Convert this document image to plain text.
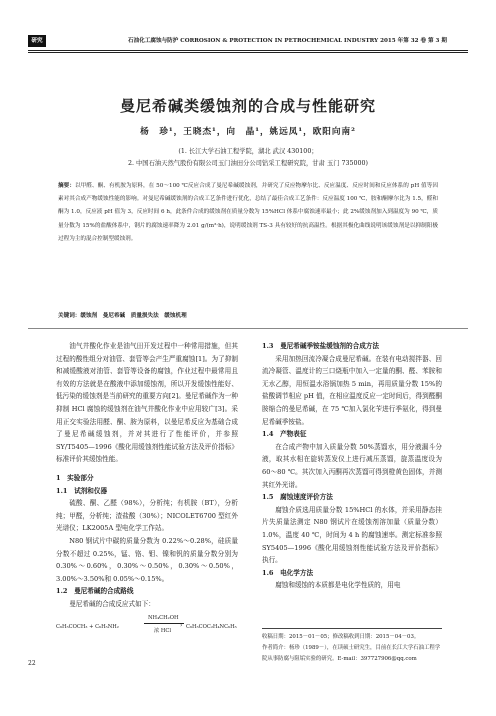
研究	石油化工腐蚀与防护 CORROSION & PROTECTION IN PETROCHEMICAL INDUSTRY 2015 年第 32 卷 第 3 期
曼尼希碱类缓蚀剂的合成与性能研究
杨　珍¹，王晓杰¹，向　晶¹，姚远凤¹，欧阳向南²
(1. 长江大学石油工程学院，湖北 武汉 430100；
2. 中国石油天然气股份有限公司玉门油田分公司钻采工程研究院，甘肃 玉门 735000)
摘要：以甲醛、酮、有机胺为原料，在 50～100 ℃反应合成了曼尼希碱缓蚀剂，并研究了反应物摩尔比、反应温度、反应时间和反应体系的 pH 值等因素对其合成产物缓蚀性能的影响。对曼尼希碱缓蚀剂的合成工艺条件进行优化，总结了最佳合成工艺条件：反应温度 100 ℃，胺和酮摩尔比为 1.5，醛和酮为 1.0，反应液 pH 值为 3，反应时间 6 h，此条件合成的缓蚀剂在质量分数为 15%HCl 体系中腐蚀速率最小；此 2%缓蚀剂加入到温度为 90 ℃，质量分数为 15%的盐酸体系中，钢片的腐蚀速率降为 2.01 g/(m²·h)，说明缓蚀剂 TS-3 具有较好的抗高温性。根据其极化曲线说明该缓蚀剂是以抑制阳极过程为主的混合控制型缓蚀剂。
关键词：缓蚀剂　曼尼希碱　质量损失法　缓蚀机理
油气井酸化作业是油气田开发过程中一种常用措施，但其过程的酸性组分对油管、套管等会产生严重腐蚀[1]。为了抑制和减缓酸液对油管、套管等设备的腐蚀，作业过程中最常用且有效的方法就是在酸液中添加缓蚀剂，所以开发缓蚀性能好、低污染的缓蚀剂是当前研究的重要方向[2]。曼尼希碱作为一种抑制 HCl 腐蚀的缓蚀剂在油气井酸化作业中应用较广[3]。采用正交实验法用醛、酮、胺为原料，以曼尼希反应为基础合成了曼尼希碱缓蚀剂，并对其进行了性能评价，并参照 SY/T5405—1996《酸化用缓蚀剂性能试验方法及评价指标》标准评价其缓蚀性能。
1　实验部分
1.1　试剂和仪器
硫酸、酮、乙醛（98%），分析纯；有机胺（BT），分析纯；甲醛，分析纯；渣盐酸（30%）；NICOLET6700 型红外光谱仪；LK2005A 型电化学工作站。
N80 钢试片中碳的质量分数为 0.22%～0.28%，硅质量分数不超过 0.25%，锰、铬、钼、镍和钒的质量分数分别为 0.30%～0.60%，0.30%～0.50%，0.30%～0.50%，3.00%～3.50%和 0.05%～0.15%。
1.2　曼尼希碱的合成路线
曼尼希碱的合成反应式如下：
C₆H₅COCH₃ + C₆H₅NH₂
NH₄CH₂OH
›
浓 HCl
C₆H₅COC₂H₄NC₆H₅
1.3　曼尼希碱季铵盐缓蚀剂的合成方法
采用加热回流冷凝合成曼尼希碱。在装有电动搅拌器、回流冷凝管、温度计的三口烧瓶中加入一定量的酮、醛、苯胺和无水乙醇，用恒温水浴锅加热 5 min，再用质量分数 15%的盐酸调节相应 pH 值，在相应温度反应一定时间后，得到醛酮胺缩合的曼尼希碱，在 75 ℃加入氯化苄进行季氨化，得到曼尼希碱季铵盐。
1.4　产物表征
在合成产物中加入质量分数 50%蒸馏水，用分液漏斗分液，取其水相在旋转蒸发仪上进行减压蒸馏，旋蒸温度设为 60～80 ℃。其次加入丙酮再次蒸馏可得到橙黄色固体，并测其红外光谱。
1.5　腐蚀速度评价方法
腐蚀介质选用质量分数 15%HCl 的水体，并采用静态挂片失质量法测定 N80 钢试片在缓蚀剂溶加量（质量分数）1.0%，温度 40 ℃，时间为 4 h 的腐蚀速率。测定标准参照 SY5405—1996《酸化用缓蚀剂性能试验方法及评价指标》执行。
1.6　电化学方法
腐蚀和缓蚀的本质都是电化学性质的，用电
收稿日期：2015－01－05；修改稿收到日期：2015－04－03。
作者简介：杨珍（1989－），在读硕士研究生，目前在长江大学石油工程学院从事防腐与阻垢实验的研究。E-mail：397727906@qq.com
22
